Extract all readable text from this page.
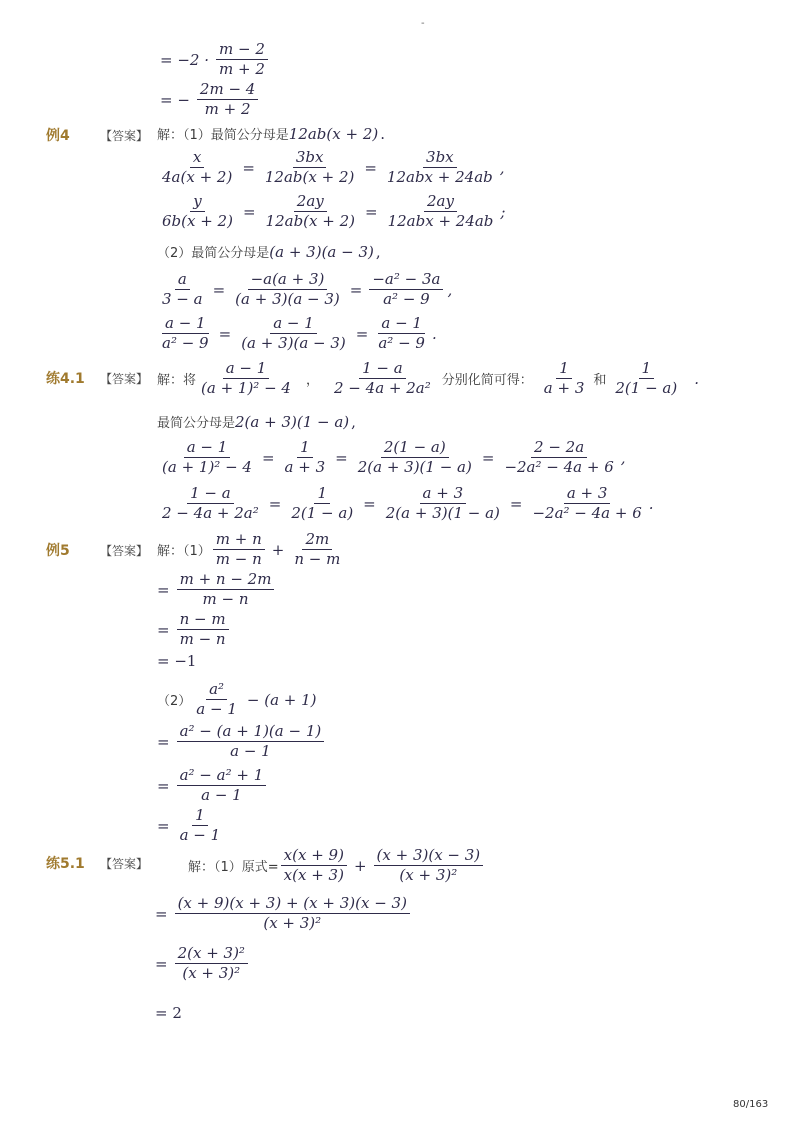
-
80/163
= $-2 \cdot \frac{m - 2}{m + 2}$
= − $\frac{2m - 4}{m + 2}$
例4	【答案】 解：（1）最简公分母是 12ab(x + 2) .
$\frac{x}{4a(x + 2)} = \frac{3bx}{12ab(x + 2)} = \frac{3bx}{\text{12abx + 24ab}}$ ,
$\frac{y}{6b(x + 2)} = \frac{2ay}{12ab(x + 2)} = \frac{2ay}{\text{12abx + 24ab}}$ ;
（2）最简公分母是 (a + 3)(a − 3) ,
$\frac{a}{3 - a} = \frac{-a(a + 3)}{(a + 3)(a - 3)} = \frac{\text{−a² − 3a}}{\text{a² − 9}}$ ,
$\frac{a - 1}{\text{a² − 9}} = \frac{a - 1}{(a + 3)(a - 3)} = \frac{a - 1}{\text{a² − 9}}$ .
练4.1 【答案】 解：将 $\frac{a - 1}{\text{(a + 1)² − 4}}$ ， $\frac{1 - a}{\text{2 − 4a + 2a²}}$ 分别化简可得： $\frac{1}{a + 3}$ 和 $\frac{1}{2(1 - a)}$ .
最简公分母是 2(a + 3)(1 − a) ,
$\frac{a - 1}{\text{(a + 1)² − 4}} = \frac{1}{a + 3} = \frac{2(1 - a)}{2(a + 3)(1 - a)} = \frac{2 - 2a}{\text{−2a² − 4a + 6}}$ ,
$\frac{1 - a}{\text{2 − 4a + 2a²}} = \frac{1}{2(1 - a)} = \frac{a + 3}{2(a + 3)(1 - a)} = \frac{a + 3}{\text{−2a² − 4a + 6}}$ .
例5	【答案】 解：$(1) \frac{m + n}{m - n} + \frac{2m}{n - m}$
= $\frac{m + n - 2m}{m - n}$
= $\frac{n - m}{m - n}$
= −1
$(2) \frac{\text{a²}}{a - 1} - (a + 1)$
= $\frac{\text{a² − (a + 1)(a − 1)}}{a - 1}$
= $\frac{\text{a² − a² + 1}}{a - 1}$
= $\frac{1}{a - 1}$
练5.1 【答案】	解：（1）原式= $\frac{x(x + 9)}{x(x + 3)} + \frac{(x + 3)(x - 3)}{\text{(x + 3)²}}$
= $\frac{(x + 9)(x + 3) + (x + 3)(x - 3)}{\text{(x + 3)²}}$
= $\frac{\text{2(x + 3)²}}{\text{(x + 3)²}}$
= 2
